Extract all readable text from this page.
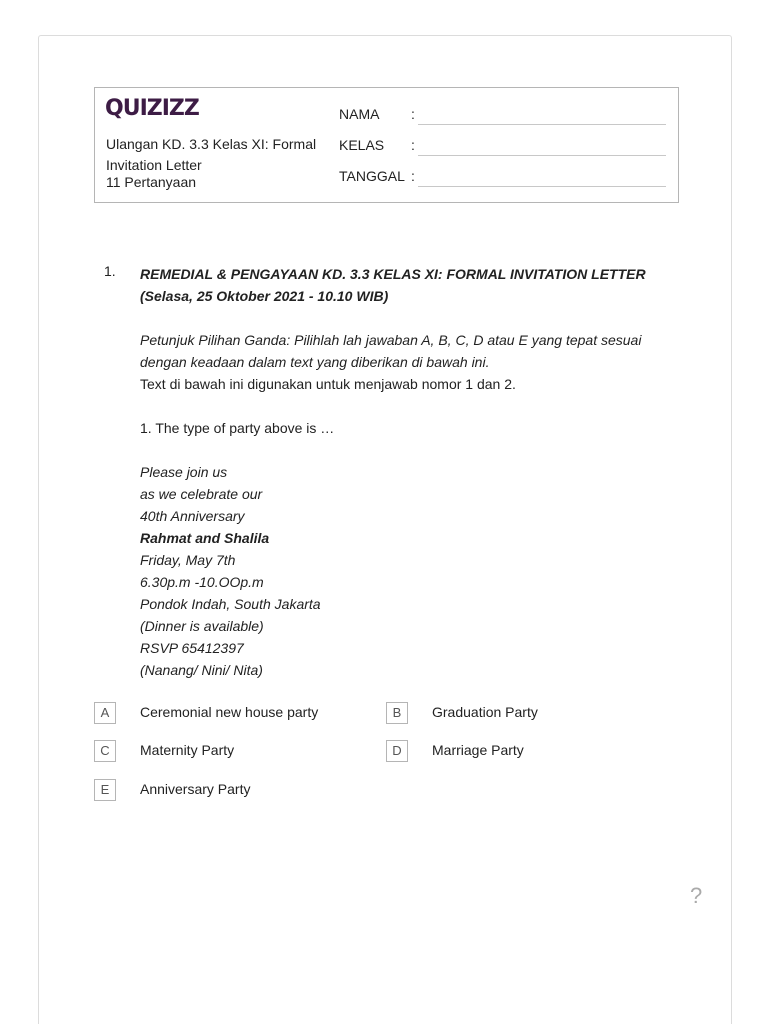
QUIZIZZ
Ulangan KD. 3.3 Kelas XI: Formal Invitation Letter
11 Pertanyaan
NAMA :
KELAS :
TANGGAL :
1. REMEDIAL & PENGAYAAN KD. 3.3 KELAS XI: FORMAL INVITATION LETTER

(Selasa, 25 Oktober 2021 - 10.10 WIB)

Petunjuk Pilihan Ganda: Pilihlah lah jawaban A, B, C, D atau E yang tepat sesuai

dengan keadaan dalam text yang diberikan di bawah ini.

Text di bawah ini digunakan untuk menjawab nomor 1 dan 2.

1. The type of party above is …

Please join us

as we celebrate our

40th Anniversary

Rahmat and Shalila

Friday, May 7th

6.30p.m -10.OOp.m

Pondok Indah, South Jakarta

(Dinner is available)

RSVP 65412397

(Nanang/ Nini/ Nita)

A	Ceremonial new house party	B	Graduation Party
C	Maternity Party	D	Marriage Party
E	Anniversary Party
?
